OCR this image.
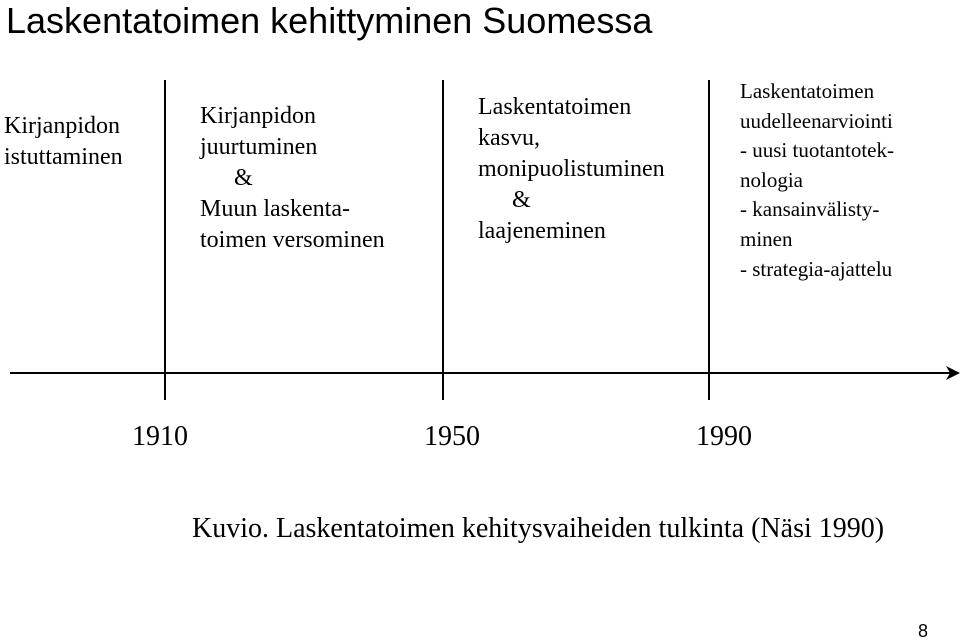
Laskentatoimen kehittyminen Suomessa
Kirjanpidon
istuttaminen
Kirjanpidon
juurtuminen
&
Muun laskenta-
toimen versominen
Laskentatoimen
kasvu,
monipuolistuminen
&
laajeneminen
Laskentatoimen
uudelleenarviointi
- uusi tuotantotek-
nologia
- kansainvälisty-
minen
- strategia-ajattelu
1910	1950	1990
Kuvio. Laskentatoimen kehitysvaiheiden tulkinta (Näsi 1990)
8
